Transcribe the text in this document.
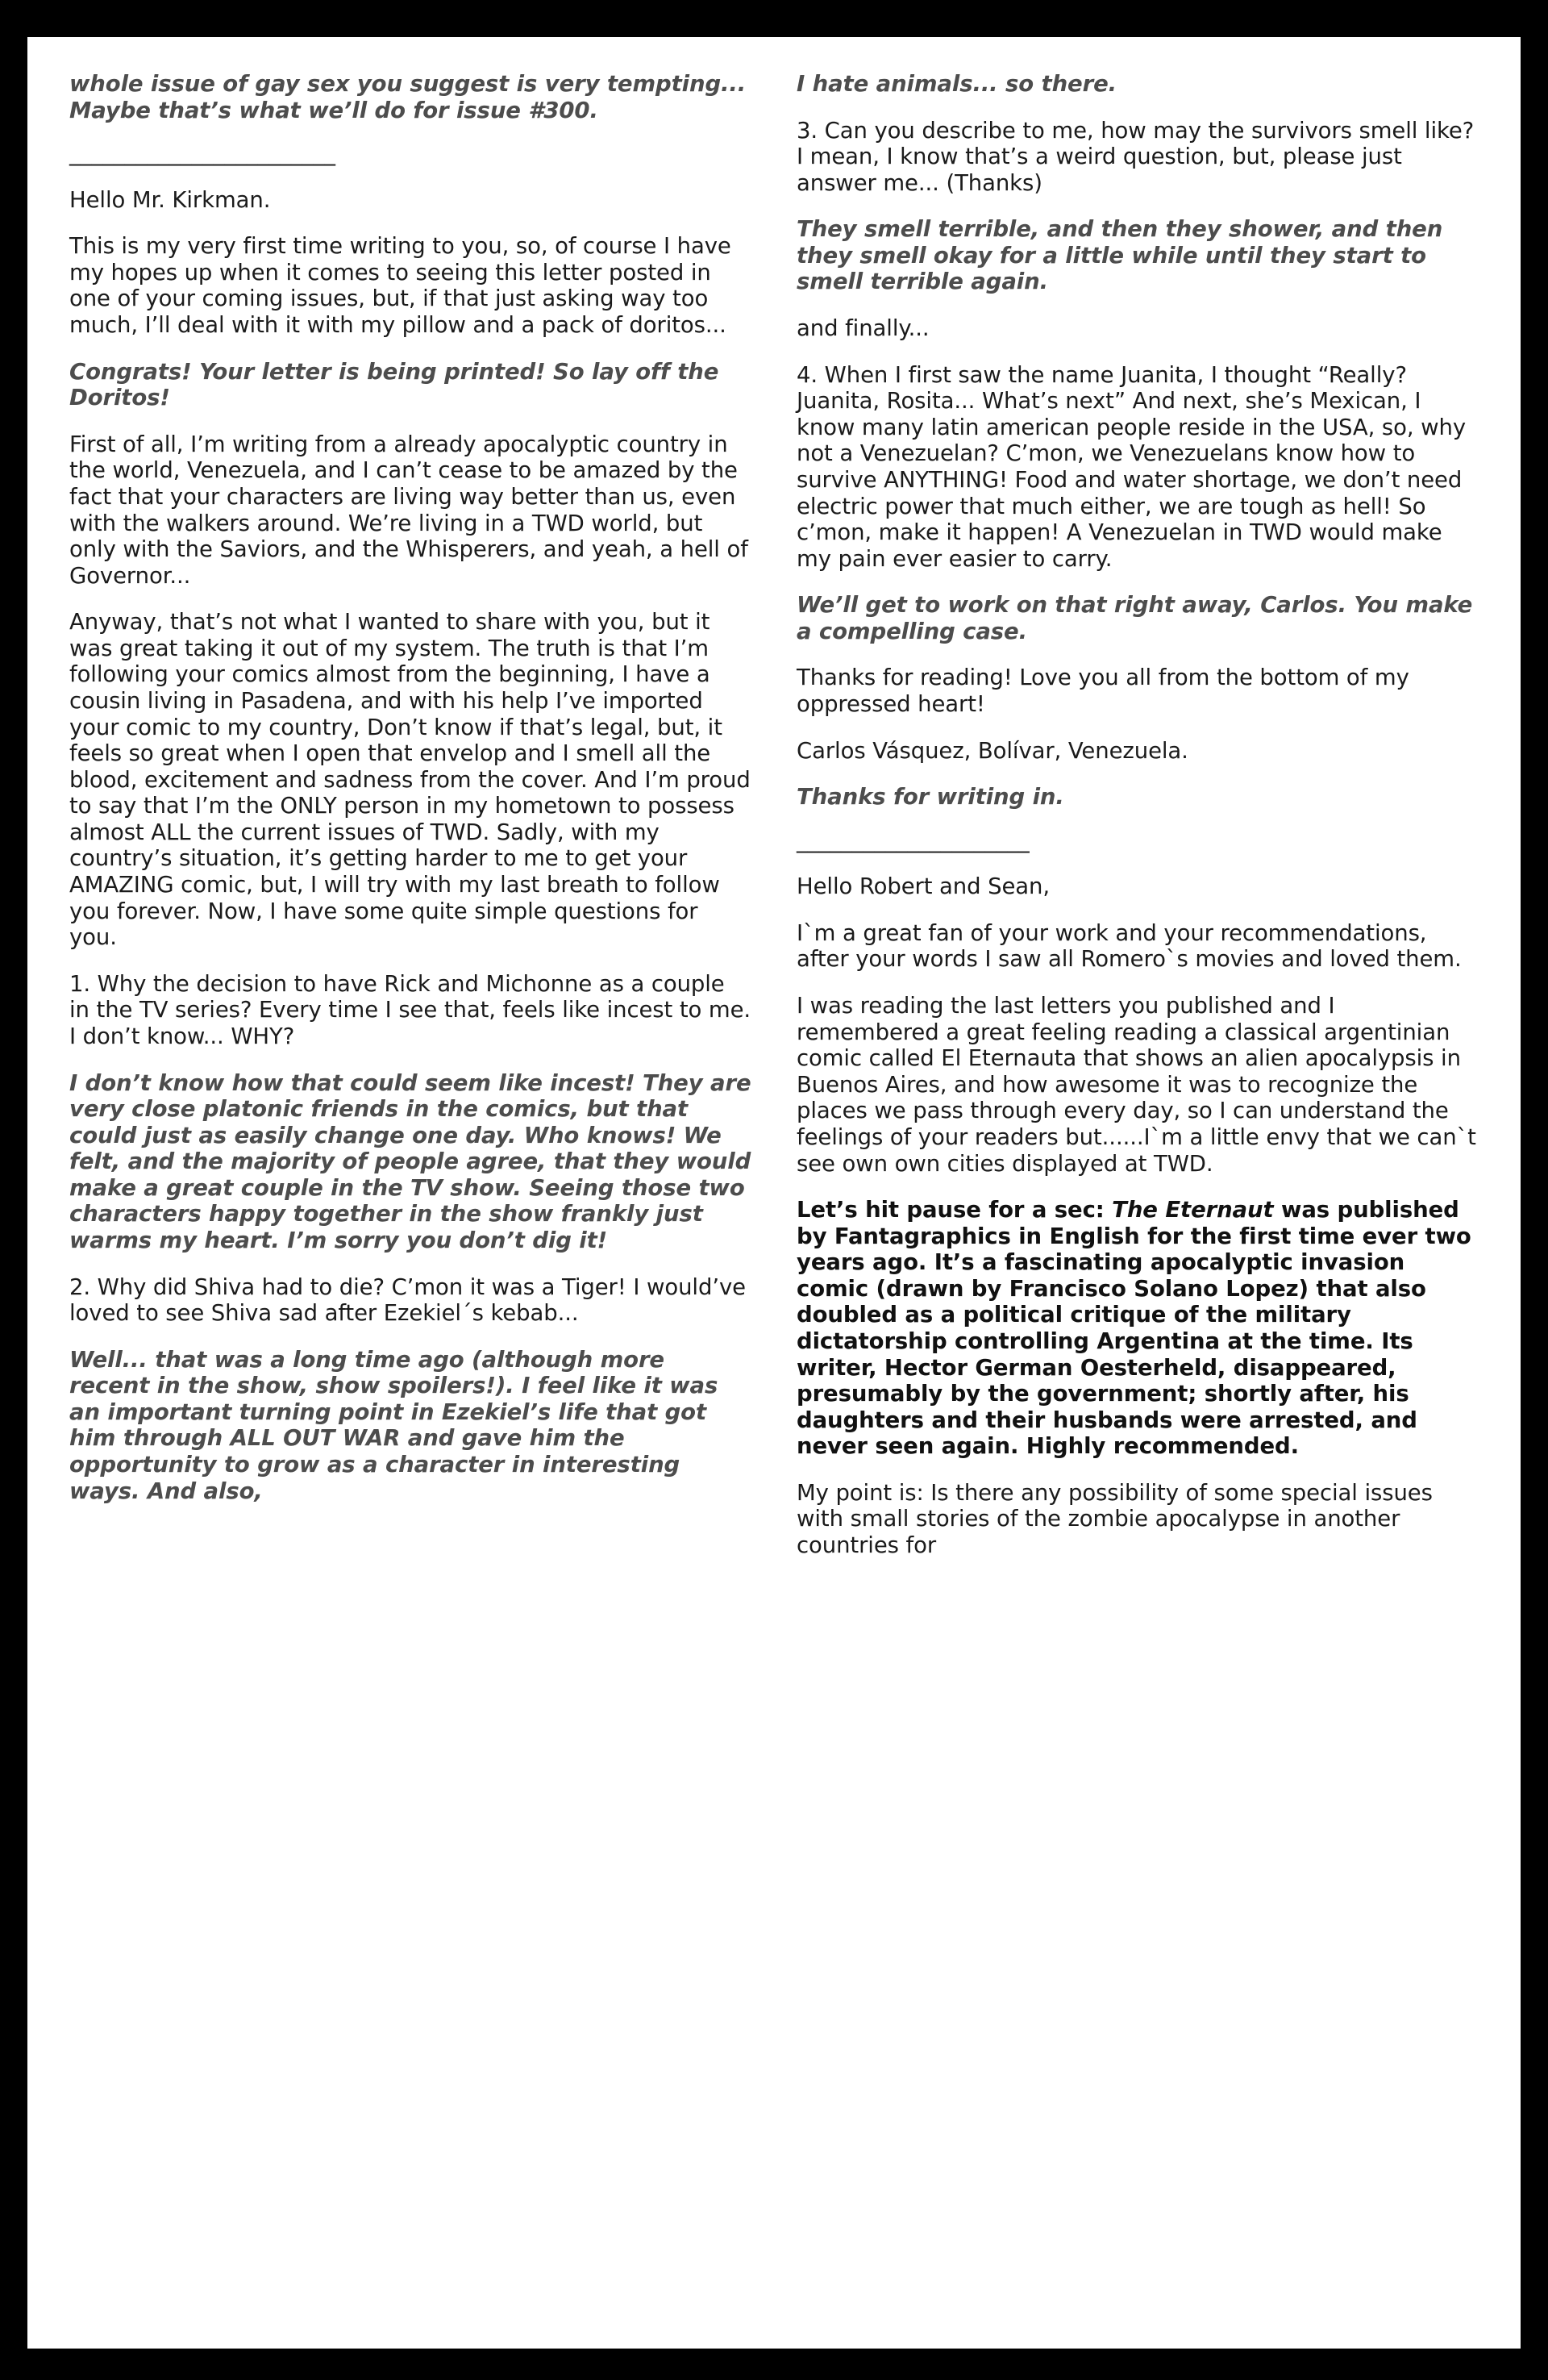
whole issue of gay sex you suggest is very tempting... Maybe that’s what we’ll do for issue #300.

________________________

Hello Mr. Kirkman.

This is my very first time writing to you, so, of course I have my hopes up when it comes to seeing this letter posted in one of your coming issues, but, if that just asking way too much, I’ll deal with it with my pillow and a pack of doritos...

Congrats! Your letter is being printed! So lay off the Doritos!

First of all, I’m writing from a already apocalyptic country in the world, Venezuela, and I can’t cease to be amazed by the fact that your characters are living way better than us, even with the walkers around. We’re living in a TWD world, but only with the Saviors, and the Whisperers, and yeah, a hell of Governor...

Anyway, that’s not what I wanted to share with you, but it was great taking it out of my system. The truth is that I’m following your comics almost from the beginning, I have a cousin living in Pasadena, and with his help I’ve imported your comic to my country, Don’t know if that’s legal, but, it feels so great when I open that envelop and I smell all the blood, excitement and sadness from the cover. And I’m proud to say that I’m the ONLY person in my hometown to possess almost ALL the current issues of TWD. Sadly, with my country’s situation, it’s getting harder to me to get your AMAZING comic, but, I will try with my last breath to follow you forever. Now, I have some quite simple questions for you.

1. Why the decision to have Rick and Michonne as a couple in the TV series? Every time I see that, feels like incest to me. I don’t know... WHY?

I don’t know how that could seem like incest! They are very close platonic friends in the comics, but that could just as easily change one day. Who knows! We felt, and the majority of people agree, that they would make a great couple in the TV show. Seeing those two characters happy together in the show frankly just warms my heart. I’m sorry you don’t dig it!

2. Why did Shiva had to die? C’mon it was a Tiger! I would’ve loved to see Shiva sad after Ezekiel´s kebab...

Well... that was a long time ago (although more recent in the show, show spoilers!). I feel like it was an important turning point in Ezekiel’s life that got him through ALL OUT WAR and gave him the opportunity to grow as a character in interesting ways. And also,

I hate animals... so there.

3. Can you describe to me, how may the survivors smell like? I mean, I know that’s a weird question, but, please just answer me... (Thanks)

They smell terrible, and then they shower, and then they smell okay for a little while until they start to smell terrible again.

and finally...

4. When I first saw the name Juanita, I thought “Really? Juanita, Rosita... What’s next” And next, she’s Mexican, I know many latin american people reside in the USA, so, why not a Venezuelan? C’mon, we Venezuelans know how to survive ANYTHING! Food and water shortage, we don’t need electric power that much either, we are tough as hell! So c’mon, make it happen! A Venezuelan in TWD would make my pain ever easier to carry.

We’ll get to work on that right away, Carlos. You make a compelling case.

Thanks for reading! Love you all from the bottom of my oppressed heart!

Carlos Vásquez, Bolívar, Venezuela.

Thanks for writing in.

_____________________

Hello Robert and Sean,

I`m a great fan of your work and your recommendations, after your words I saw all Romero`s movies and loved them.

I was reading the last letters you published and I remembered a great feeling reading a classical argentinian comic called El Eternauta that shows an alien apocalypsis in Buenos Aires, and how awesome it was to recognize the places we pass through every day, so I can understand the feelings of your readers but......I`m a little envy that we can`t see own own cities displayed at TWD.

Let’s hit pause for a sec: The Eternaut was published by Fantagraphics in English for the first time ever two years ago. It’s a fascinating apocalyptic invasion comic (drawn by Francisco Solano Lopez) that also doubled as a political critique of the military dictatorship controlling Argentina at the time. Its writer, Hector German Oesterheld, disappeared, presumably by the government; shortly after, his daughters and their husbands were arrested, and never seen again. Highly recommended.

My point is: Is there any possibility of some special issues with small stories of the zombie apocalypse in another countries for
